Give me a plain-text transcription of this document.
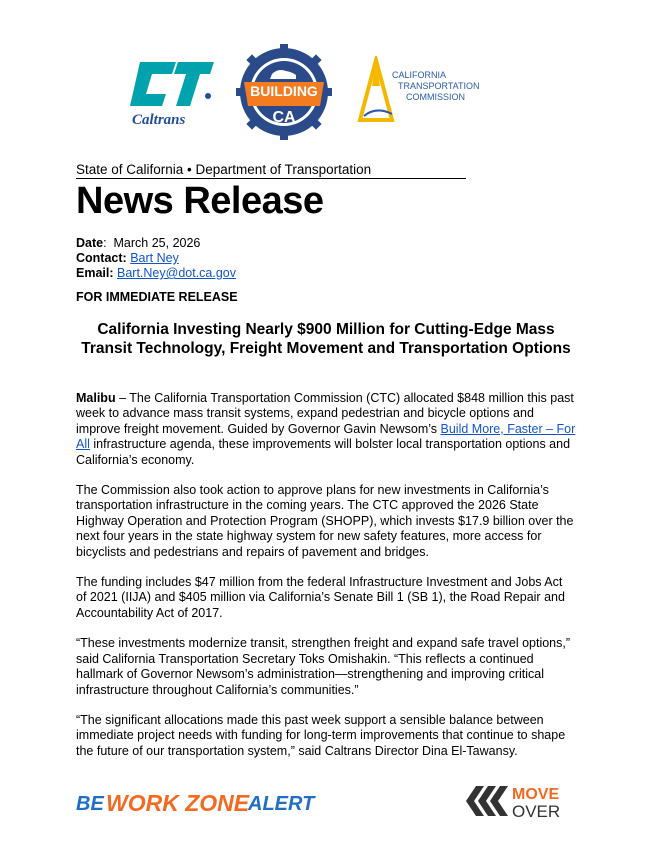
Caltrans
BUILDING
CA
CALIFORNIA
TRANSPORTATION
COMMISSION
State of California • Department of Transportation
News Release
Date:  March 25, 2026
Contact: Bart Ney
Email: Bart.Ney@dot.ca.gov
FOR IMMEDIATE RELEASE
California Investing Nearly $900 Million for Cutting-Edge Mass Transit Technology, Freight Movement and Transportation Options

Malibu – The California Transportation Commission (CTC) allocated $848 million this past week to advance mass transit systems, expand pedestrian and bicycle options and improve freight movement. Guided by Governor Gavin Newsom’s Build More, Faster – For All infrastructure agenda, these improvements will bolster local transportation options and California’s economy.

The Commission also took action to approve plans for new investments in California’s transportation infrastructure in the coming years. The CTC approved the 2026 State Highway Operation and Protection Program (SHOPP), which invests $17.9 billion over the next four years in the state highway system for new safety features, more access for bicyclists and pedestrians and repairs of pavement and bridges.

The funding includes $47 million from the federal Infrastructure Investment and Jobs Act of 2021 (IIJA) and $405 million via California’s Senate Bill 1 (SB 1), the Road Repair and Accountability Act of 2017.

“These investments modernize transit, strengthen freight and expand safe travel options,” said California Transportation Secretary Toks Omishakin. “This reflects a continued hallmark of Governor Newsom’s administration—strengthening and improving critical infrastructure throughout California’s communities.”

“The significant allocations made this past week support a sensible balance between immediate project needs with funding for long-term improvements that continue to shape the future of our transportation system,” said Caltrans Director Dina El-Tawansy.

BE WORK ZONE
ALERT	MOVE
OVER
